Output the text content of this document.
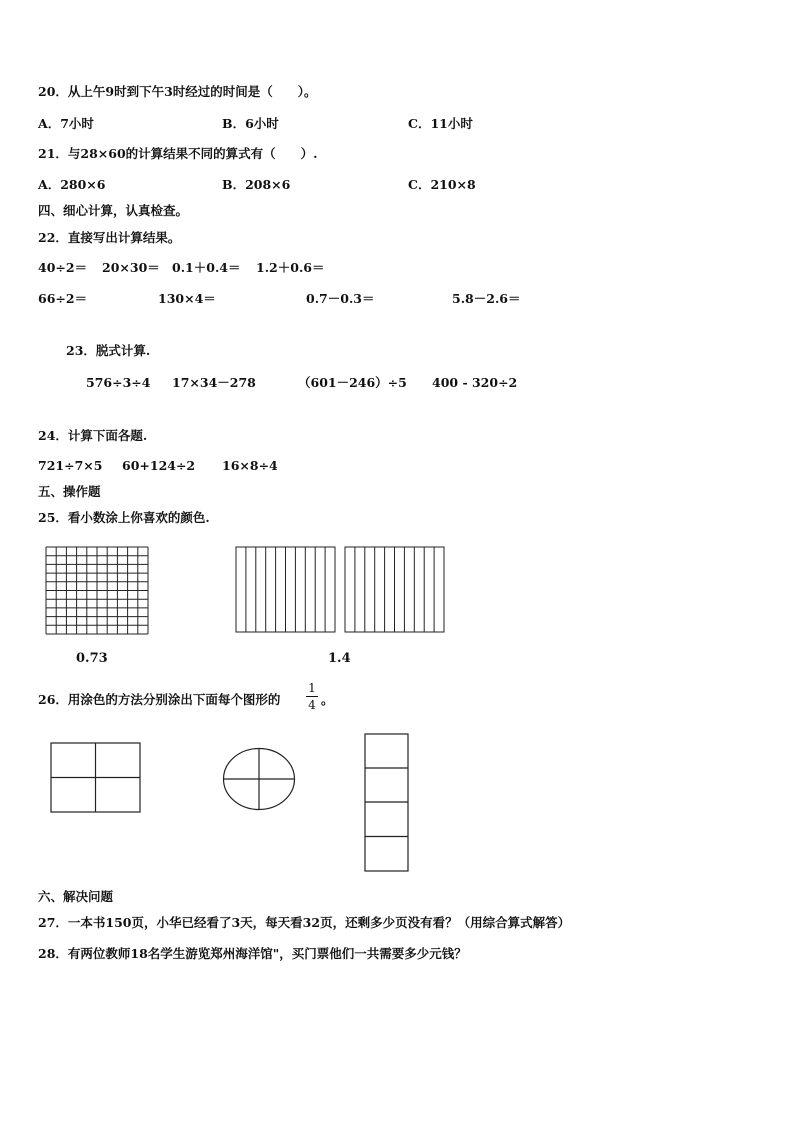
20．从上午9时到下午3时经过的时间是（　　）。
A．7小时	B．6小时	C．11小时
21．与28×60的计算结果不同的算式有（　　）.
A．280×6	B．208×6	C．210×8
四、细心计算，认真检查。
22．直接写出计算结果。
40÷2＝ 20×30＝ 0.1＋0.4＝ 1.2＋0.6＝
66÷2＝	130×4＝	0.7－0.3＝	5.8－2.6＝
23．脱式计算.
576÷3÷4 17×34－278	（601－246）÷5 400 - 320÷2
24．计算下面各题.
721÷7×5 60+124÷2 16×8÷4
五、操作题
25．看小数涂上你喜欢的颜色.
0.73	1.4
26．用涂色的方法分别涂出下面每个图形的
1
4 。
六、解决问题
27．一本书150页，小华已经看了3天，每天看32页，还剩多少页没有看？（用综合算式解答）
28．有两位教师18名学生游览郑州海洋馆"，买门票他们一共需要多少元钱？
